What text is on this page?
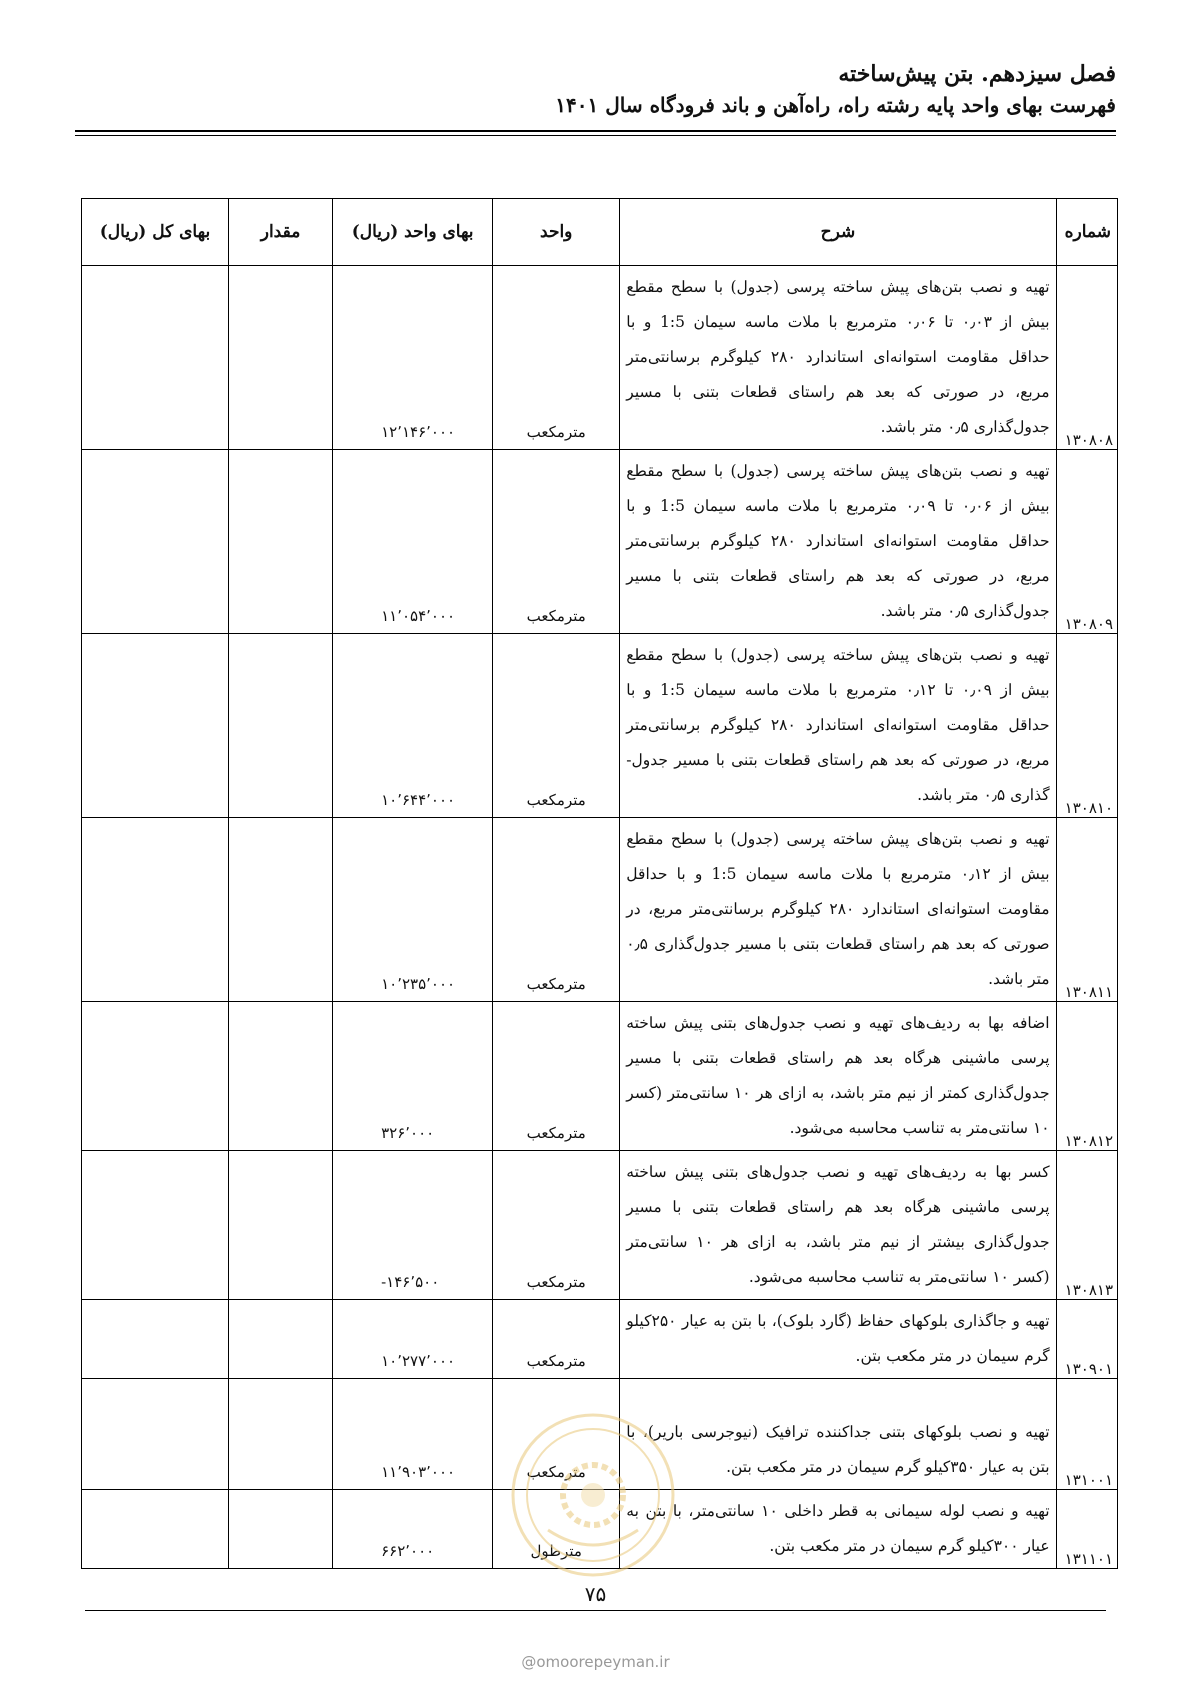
فصل سیزدهم. بتن پیش‌ساخته
فهرست بهای واحد پایه رشته راه، راه‌آهن و باند فرودگاه سال ۱۴۰۱
شماره	شرح	واحد	بهای واحد (ریال)	مقدار	بهای کل (ریال)
۱۳۰۸۰۸	تهیه و نصب بتن‌های پیش ساخته پرسی (جدول) با سطح مقطع بیش از ۰٫۰۳ تا ۰٫۰۶ مترمربع با ملات ماسه سیمان 1:5 و با حداقل مقاومت استوانه‌ای استاندارد ۲۸۰ کیلوگرم برسانتی‌متر مربع، در صورتی که بعد هم راستای قطعات بتنی با مسیر جدول‌گذاری ۰٫۵ متر باشد.	مترمکعب	۱۲٬۱۴۶٬۰۰۰		
۱۳۰۸۰۹	تهیه و نصب بتن‌های پیش ساخته پرسی (جدول) با سطح مقطع بیش از ۰٫۰۶ تا ۰٫۰۹ مترمربع با ملات ماسه سیمان 1:5 و با حداقل مقاومت استوانه‌ای استاندارد ۲۸۰ کیلوگرم برسانتی‌متر مربع، در صورتی که بعد هم راستای قطعات بتنی با مسیر جدول‌گذاری ۰٫۵ متر باشد.	مترمکعب	۱۱٬۰۵۴٬۰۰۰		
۱۳۰۸۱۰	تهیه و نصب بتن‌های پیش ساخته پرسی (جدول) با سطح مقطع بیش از ۰٫۰۹ تا ۰٫۱۲ مترمربع با ملات ماسه سیمان 1:5 و با حداقل مقاومت استوانه‌ای استاندارد ۲۸۰ کیلوگرم برسانتی‌متر مربع، در صورتی که بعد هم راستای قطعات بتنی با مسیر جدول-گذاری ۰٫۵ متر باشد.	مترمکعب	۱۰٬۶۴۴٬۰۰۰		
۱۳۰۸۱۱	تهیه و نصب بتن‌های پیش ساخته پرسی (جدول) با سطح مقطع بیش از ۰٫۱۲ مترمربع با ملات ماسه سیمان 1:5 و با حداقل مقاومت استوانه‌ای استاندارد ۲۸۰ کیلوگرم برسانتی‌متر مربع، در صورتی که بعد هم راستای قطعات بتنی با مسیر جدول‌گذاری ۰٫۵ متر باشد.	مترمکعب	۱۰٬۲۳۵٬۰۰۰		
۱۳۰۸۱۲	اضافه بها به ردیف‌های تهیه و نصب جدول‌های بتنی پیش ساخته پرسی ماشینی هرگاه بعد هم راستای قطعات بتنی با مسیر جدول‌گذاری کمتر از نیم متر باشد، به ازای هر ۱۰ سانتی‌متر (کسر ۱۰ سانتی‌متر به تناسب محاسبه می‌شود.	مترمکعب	۳۲۶٬۰۰۰		
۱۳۰۸۱۳	کسر بها به ردیف‌های تهیه و نصب جدول‌های بتنی پیش ساخته پرسی ماشینی هرگاه بعد هم راستای قطعات بتنی با مسیر جدول‌گذاری بیشتر از نیم متر باشد، به ازای هر ۱۰ سانتی‌متر (کسر ۱۰ سانتی‌متر به تناسب محاسبه می‌شود.	مترمکعب	-۱۴۶٬۵۰۰		
۱۳۰۹۰۱	تهیه و جاگذاری بلوکهای حفاظ (گارد بلوک)، با بتن به عیار ۲۵۰کیلو گرم سیمان در متر مکعب بتن.	مترمکعب	۱۰٬۲۷۷٬۰۰۰		
۱۳۱۰۰۱	تهیه و نصب بلوکهای بتنی جداکننده ترافیک (نیوجرسی باریر)، با بتن به عیار ۳۵۰کیلو گرم سیمان در متر مکعب بتن.	مترمکعب	۱۱٬۹۰۳٬۰۰۰		
۱۳۱۱۰۱	تهیه و نصب لوله سیمانی به قطر داخلی ۱۰ سانتی‌متر، با بتن به عیار ۳۰۰کیلو گرم سیمان در متر مکعب بتن.	مترطول	۶۶۲٬۰۰۰		
۷۵
@omoorepeyman.ir
